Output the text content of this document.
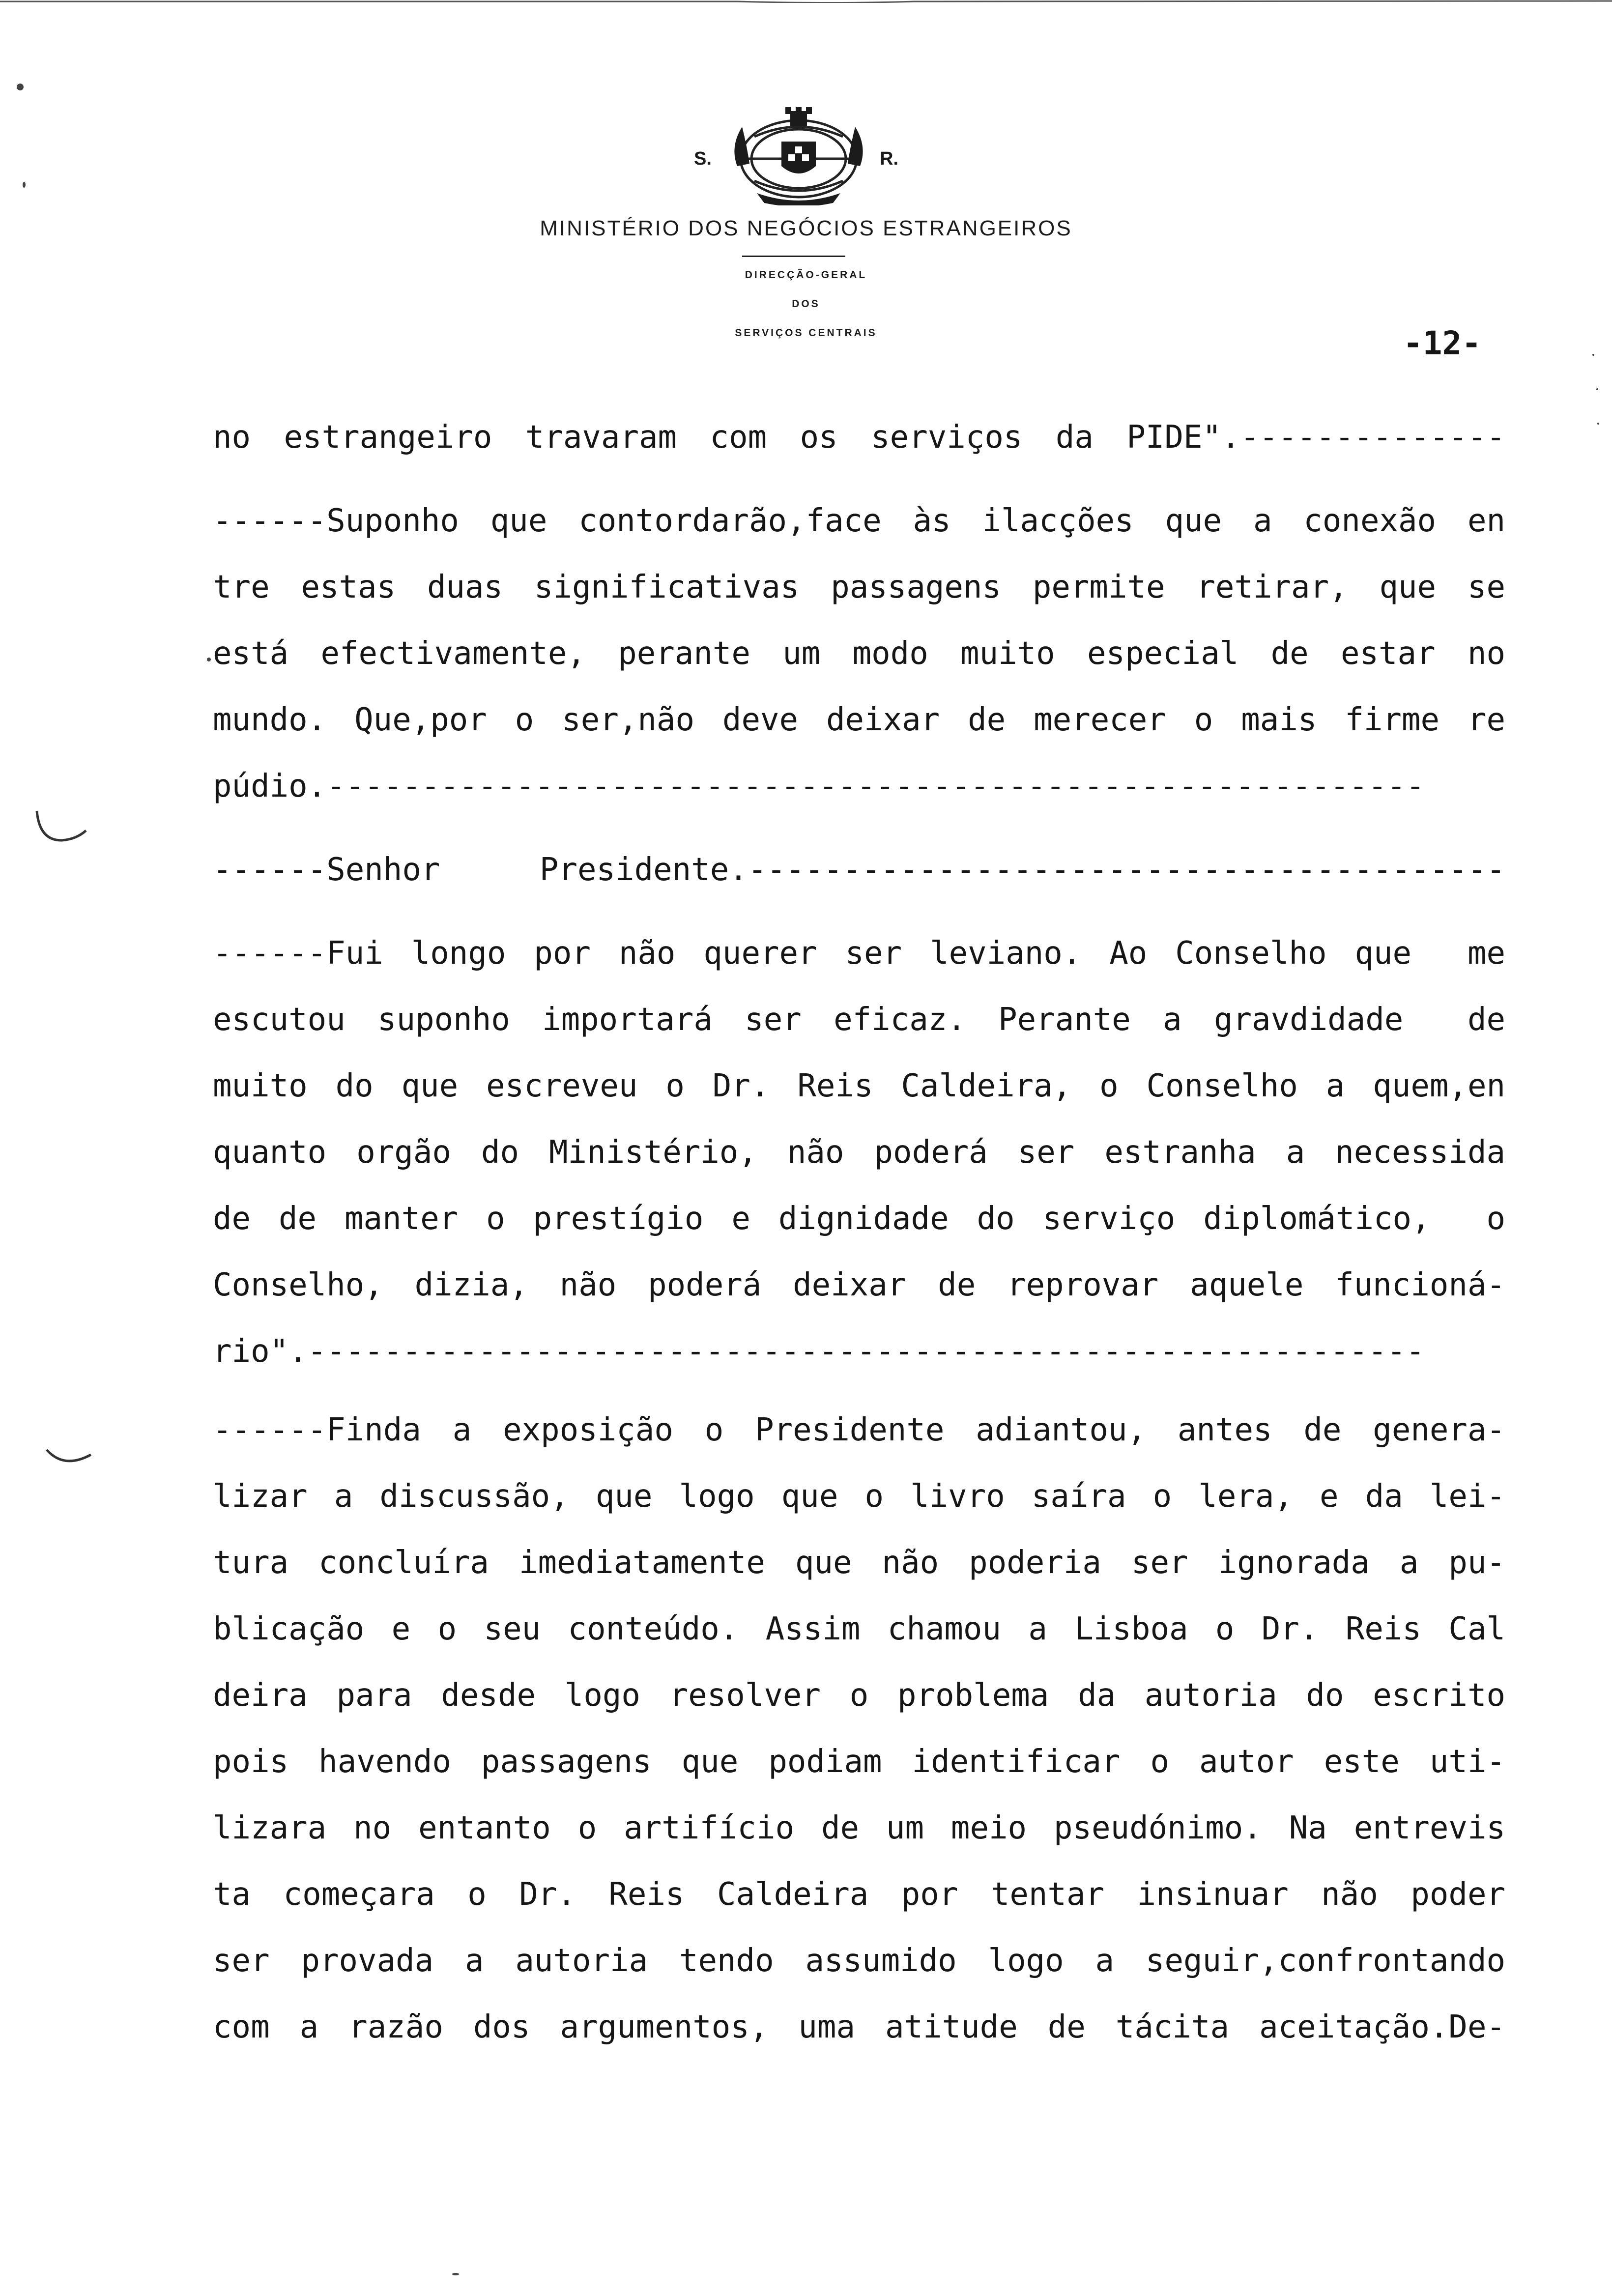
S.	R.
MINISTÉRIO DOS NEGÓCIOS ESTRANGEIROS
DIRECÇÃO-GERAL
DOS
SERVIÇOS CENTRAIS	-12-
no estrangeiro travaram com os serviços da PIDE".--------------
------Suponho que contordarão,face às ilacções que a conexão en
tre estas duas significativas passagens permite retirar, que se
está efectivamente, perante um modo muito especial de estar no
mundo. Que,por o ser,não deve deixar de merecer o mais firme re
púdio.----------------------------------------------------------
------Senhor Presidente.----------------------------------------
------Fui longo por não querer ser leviano. Ao Conselho que  me
escutou suponho importará ser eficaz. Perante a gravdidade  de
muito do que escreveu o Dr. Reis Caldeira, o Conselho a quem,en
quanto orgão do Ministério, não poderá ser estranha a necessida
de de manter o prestígio e dignidade do serviço diplomático,  o
Conselho, dizia, não poderá deixar de reprovar aquele funcioná-
rio".-----------------------------------------------------------
------Finda a exposição o Presidente adiantou, antes de genera-
lizar a discussão, que logo que o livro saíra o lera, e da lei-
tura concluíra imediatamente que não poderia ser ignorada a pu-
blicação e o seu conteúdo. Assim chamou a Lisboa o Dr. Reis Cal
deira para desde logo resolver o problema da autoria do escrito
pois havendo passagens que podiam identificar o autor este uti-
lizara no entanto o artifício de um meio pseudónimo. Na entrevis
ta começara o Dr. Reis Caldeira por tentar insinuar não poder
ser provada a autoria tendo assumido logo a seguir,confrontando
com a razão dos argumentos, uma atitude de tácita aceitação.De-
